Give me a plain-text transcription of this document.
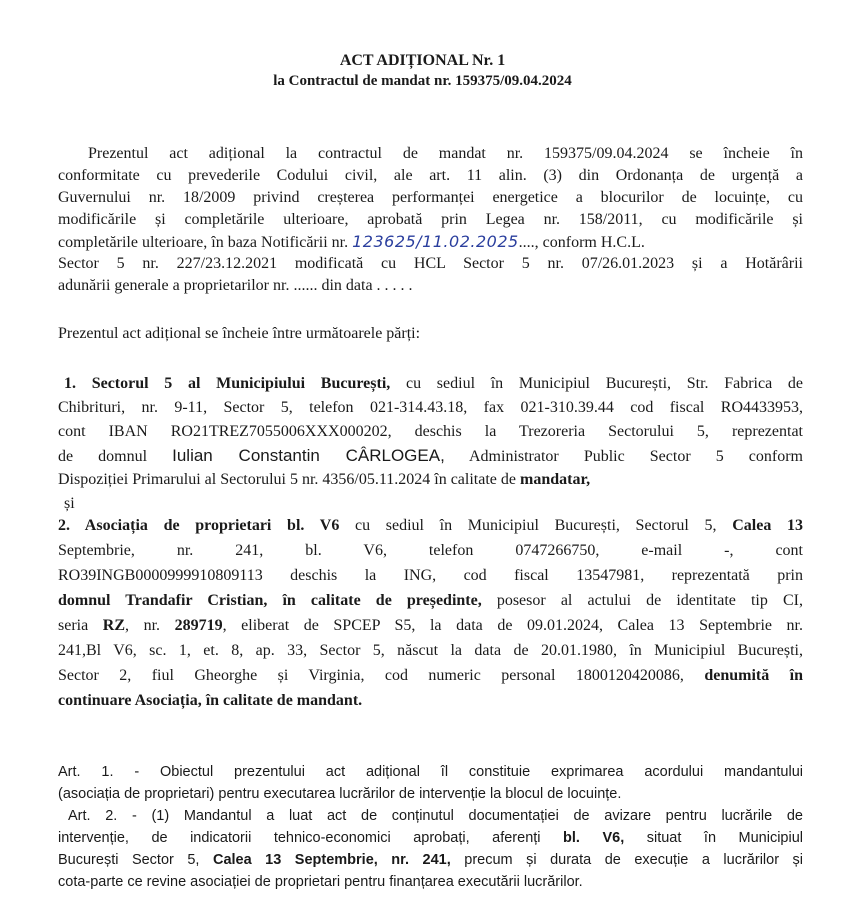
ACT ADIȚIONAL Nr. 1
la Contractul de mandat nr. 159375/09.04.2024
Prezentul act adițional la contractul de mandat nr. 159375/09.04.2024 se încheie în
conformitate cu prevederile Codului civil, ale art. 11 alin. (3) din Ordonanța de urgență a
Guvernului nr. 18/2009 privind creșterea performanței energetice a blocurilor de locuințe, cu
modificările și completările ulterioare, aprobată prin Legea nr. 158/2011, cu modificările și
completările ulterioare, în baza Notificării nr. 123625/11.02.2025...., conform H.C.L.
Sector 5 nr. 227/23.12.2021 modificată cu HCL Sector 5 nr. 07/26.01.2023 și a Hotărârii
adunării generale a proprietarilor nr. ...... din data . . . . .
Prezentul act adițional se încheie între următoarele părți:
1. Sectorul 5 al Municipiului București, cu sediul în Municipiul București, Str. Fabrica de
Chibrituri, nr. 9-11, Sector 5, telefon 021-314.43.18, fax 021-310.39.44 cod fiscal RO4433953,
cont IBAN RO21TREZ7055006XXX000202, deschis la Trezoreria Sectorului 5, reprezentat
de domnul Iulian Constantin CÂRLOGEA, Administrator Public Sector 5 conform
Dispoziției Primarului al Sectorului 5 nr. 4356/05.11.2024 în calitate de mandatar,
și
2. Asociația de proprietari bl. V6 cu sediul în Municipiul București, Sectorul 5, Calea 13
Septembrie, nr. 241, bl. V6, telefon 0747266750, e-mail -, cont
RO39INGB0000999910809113 deschis la ING, cod fiscal 13547981, reprezentată prin
domnul Trandafir Cristian, în calitate de președinte, posesor al actului de identitate tip CI,
seria RZ, nr. 289719, eliberat de SPCEP S5, la data de 09.01.2024, Calea 13 Septembrie nr.
241,Bl V6, sc. 1, et. 8, ap. 33, Sector 5, născut la data de 20.01.1980, în Municipiul București,
Sector 2, fiul Gheorghe și Virginia, cod numeric personal 1800120420086, denumită în
continuare Asociația, în calitate de mandant.
Art. 1. - Obiectul prezentului act adițional îl constituie exprimarea acordului mandantului
(asociația de proprietari) pentru executarea lucrărilor de intervenție la blocul de locuințe.
Art. 2. - (1) Mandantul a luat act de conținutul documentației de avizare pentru lucrările de
intervenție, de indicatorii tehnico-economici aprobați, aferenți bl. V6, situat în Municipiul
București Sector 5, Calea 13 Septembrie, nr. 241, precum și durata de execuție a lucrărilor și
cota-parte ce revine asociației de proprietari pentru finanțarea executării lucrărilor.
